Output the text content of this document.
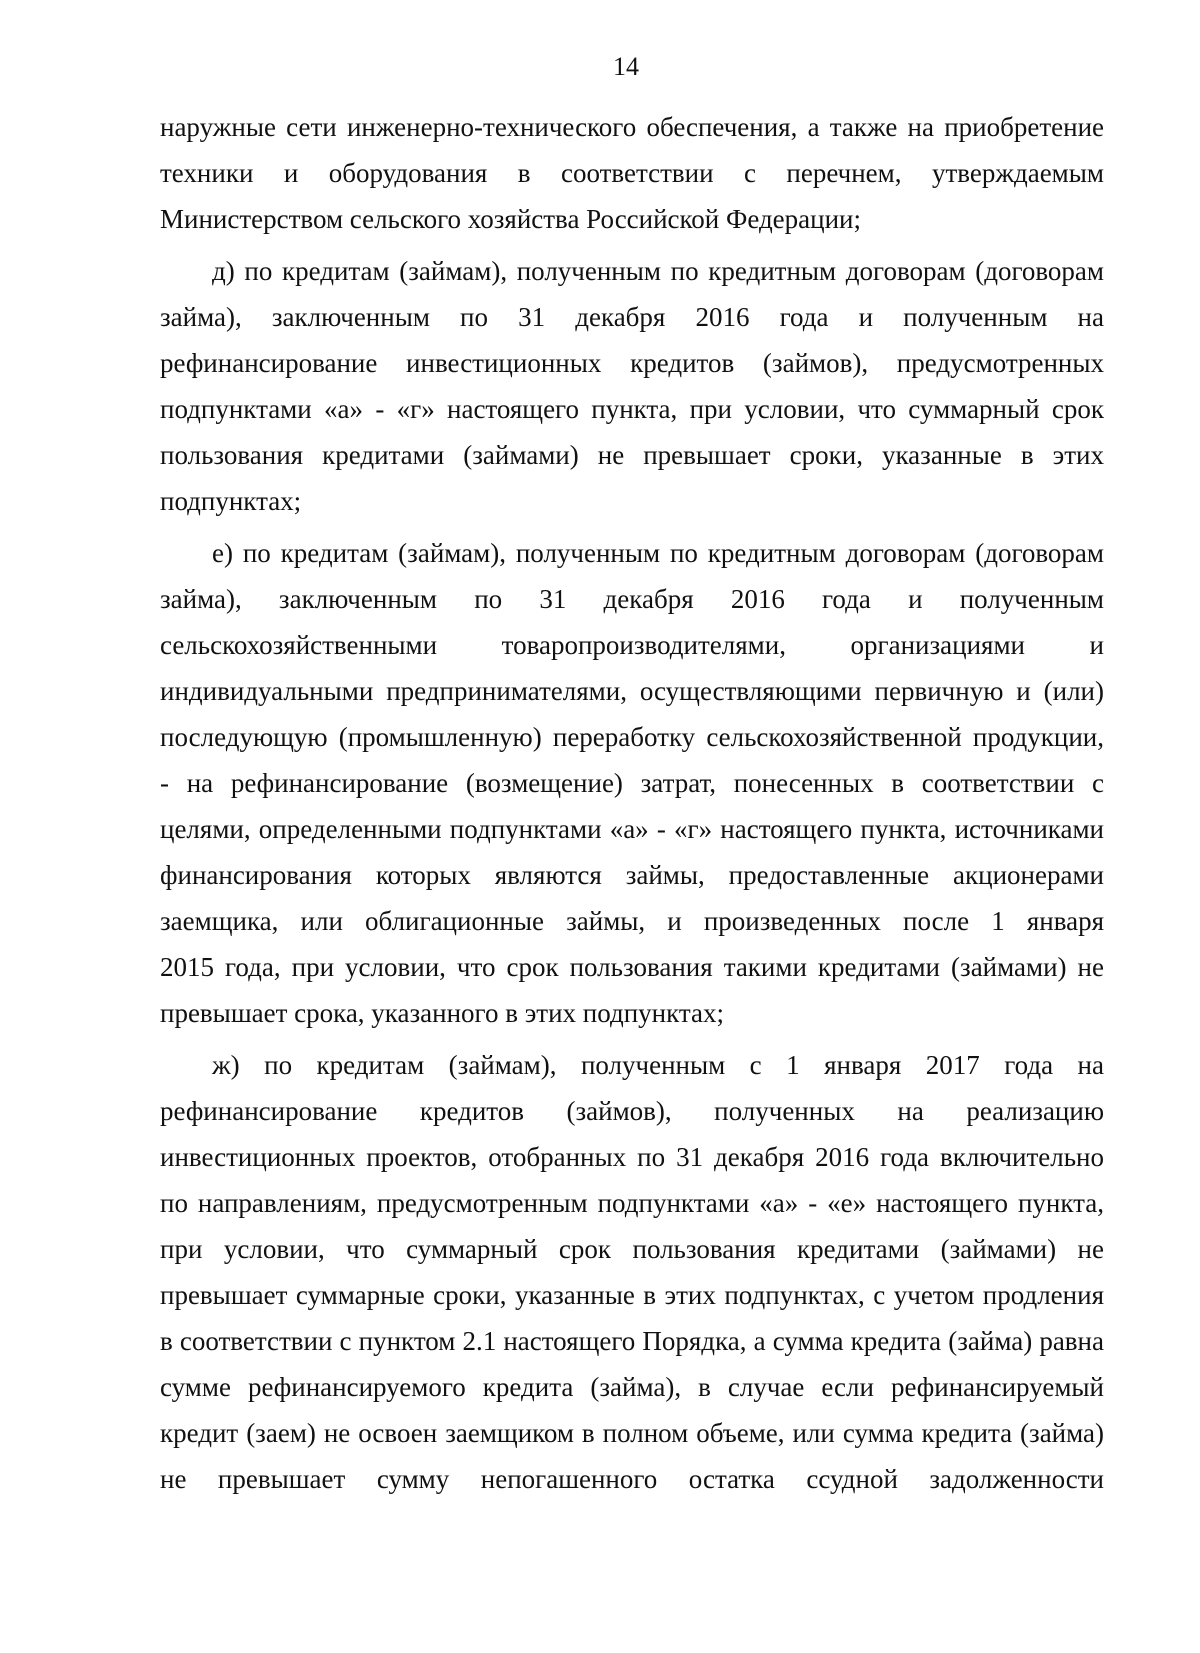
14
наружные сети инженерно-технического обеспечения, а также на приобретение
техники и оборудования в соответствии с перечнем, утверждаемым
Министерством сельского хозяйства Российской Федерации;
д) по кредитам (займам), полученным по кредитным договорам (договорам
займа), заключенным по 31 декабря 2016 года и полученным на
рефинансирование инвестиционных кредитов (займов), предусмотренных
подпунктами «а» - «г» настоящего пункта, при условии, что суммарный срок
пользования кредитами (займами) не превышает сроки, указанные в этих
подпунктах;
е) по кредитам (займам), полученным по кредитным договорам (договорам
займа), заключенным по 31 декабря 2016 года и полученным
сельскохозяйственными товаропроизводителями, организациями и
индивидуальными предпринимателями, осуществляющими первичную и (или)
последующую (промышленную) переработку сельскохозяйственной продукции,
- на рефинансирование (возмещение) затрат, понесенных в соответствии с
целями, определенными подпунктами «а» - «г» настоящего пункта, источниками
финансирования которых являются займы, предоставленные акционерами
заемщика, или облигационные займы, и произведенных после 1 января
2015 года, при условии, что срок пользования такими кредитами (займами) не
превышает срока, указанного в этих подпунктах;
ж) по кредитам (займам), полученным с 1 января 2017 года на
рефинансирование кредитов (займов), полученных на реализацию
инвестиционных проектов, отобранных по 31 декабря 2016 года включительно
по направлениям, предусмотренным подпунктами «а» - «е» настоящего пункта,
при условии, что суммарный срок пользования кредитами (займами) не
превышает суммарные сроки, указанные в этих подпунктах, с учетом продления
в соответствии с пунктом 2.1 настоящего Порядка, а сумма кредита (займа) равна
сумме рефинансируемого кредита (займа), в случае если рефинансируемый
кредит (заем) не освоен заемщиком в полном объеме, или сумма кредита (займа)
не превышает сумму непогашенного остатка ссудной задолженности
